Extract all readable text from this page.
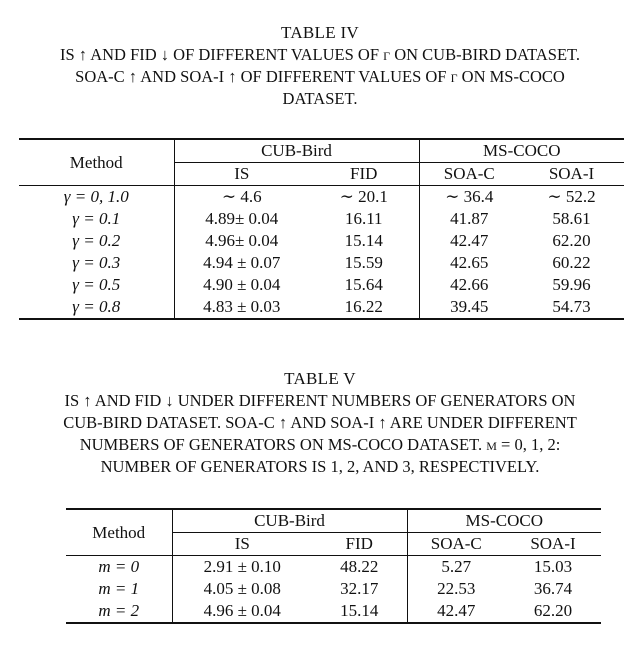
TABLE IV
IS ↑ AND FID ↓ OF DIFFERENT VALUES OF γ ON CUB-BIRD DATASET.
SOA-C ↑ AND SOA-I ↑ OF DIFFERENT VALUES OF γ ON MS-COCO
DATASET.
Method	CUB-Bird		MS-COCO	
	IS	FID	SOA-C	SOA-I
γ = 0, 1.0	∼ 4.6	∼ 20.1	∼ 36.4	∼ 52.2
γ = 0.1	4.89± 0.04	16.11	41.87	58.61
γ = 0.2	4.96± 0.04	15.14	42.47	62.20
γ = 0.3	4.94 ± 0.07	15.59	42.65	60.22
γ = 0.5	4.90 ± 0.04	15.64	42.66	59.96
γ = 0.8	4.83 ± 0.03	16.22	39.45	54.73
TABLE V
IS ↑ AND FID ↓ UNDER DIFFERENT NUMBERS OF GENERATORS ON
CUB-BIRD DATASET. SOA-C ↑ AND SOA-I ↑ ARE UNDER DIFFERENT
NUMBERS OF GENERATORS ON MS-COCO DATASET. m = 0, 1, 2:
NUMBER OF GENERATORS IS 1, 2, AND 3, RESPECTIVELY.
Method	CUB-Bird		MS-COCO	
	IS	FID	SOA-C	SOA-I
m = 0	2.91 ± 0.10	48.22	5.27	15.03
m = 1	4.05 ± 0.08	32.17	22.53	36.74
m = 2	4.96 ± 0.04	15.14	42.47	62.20
